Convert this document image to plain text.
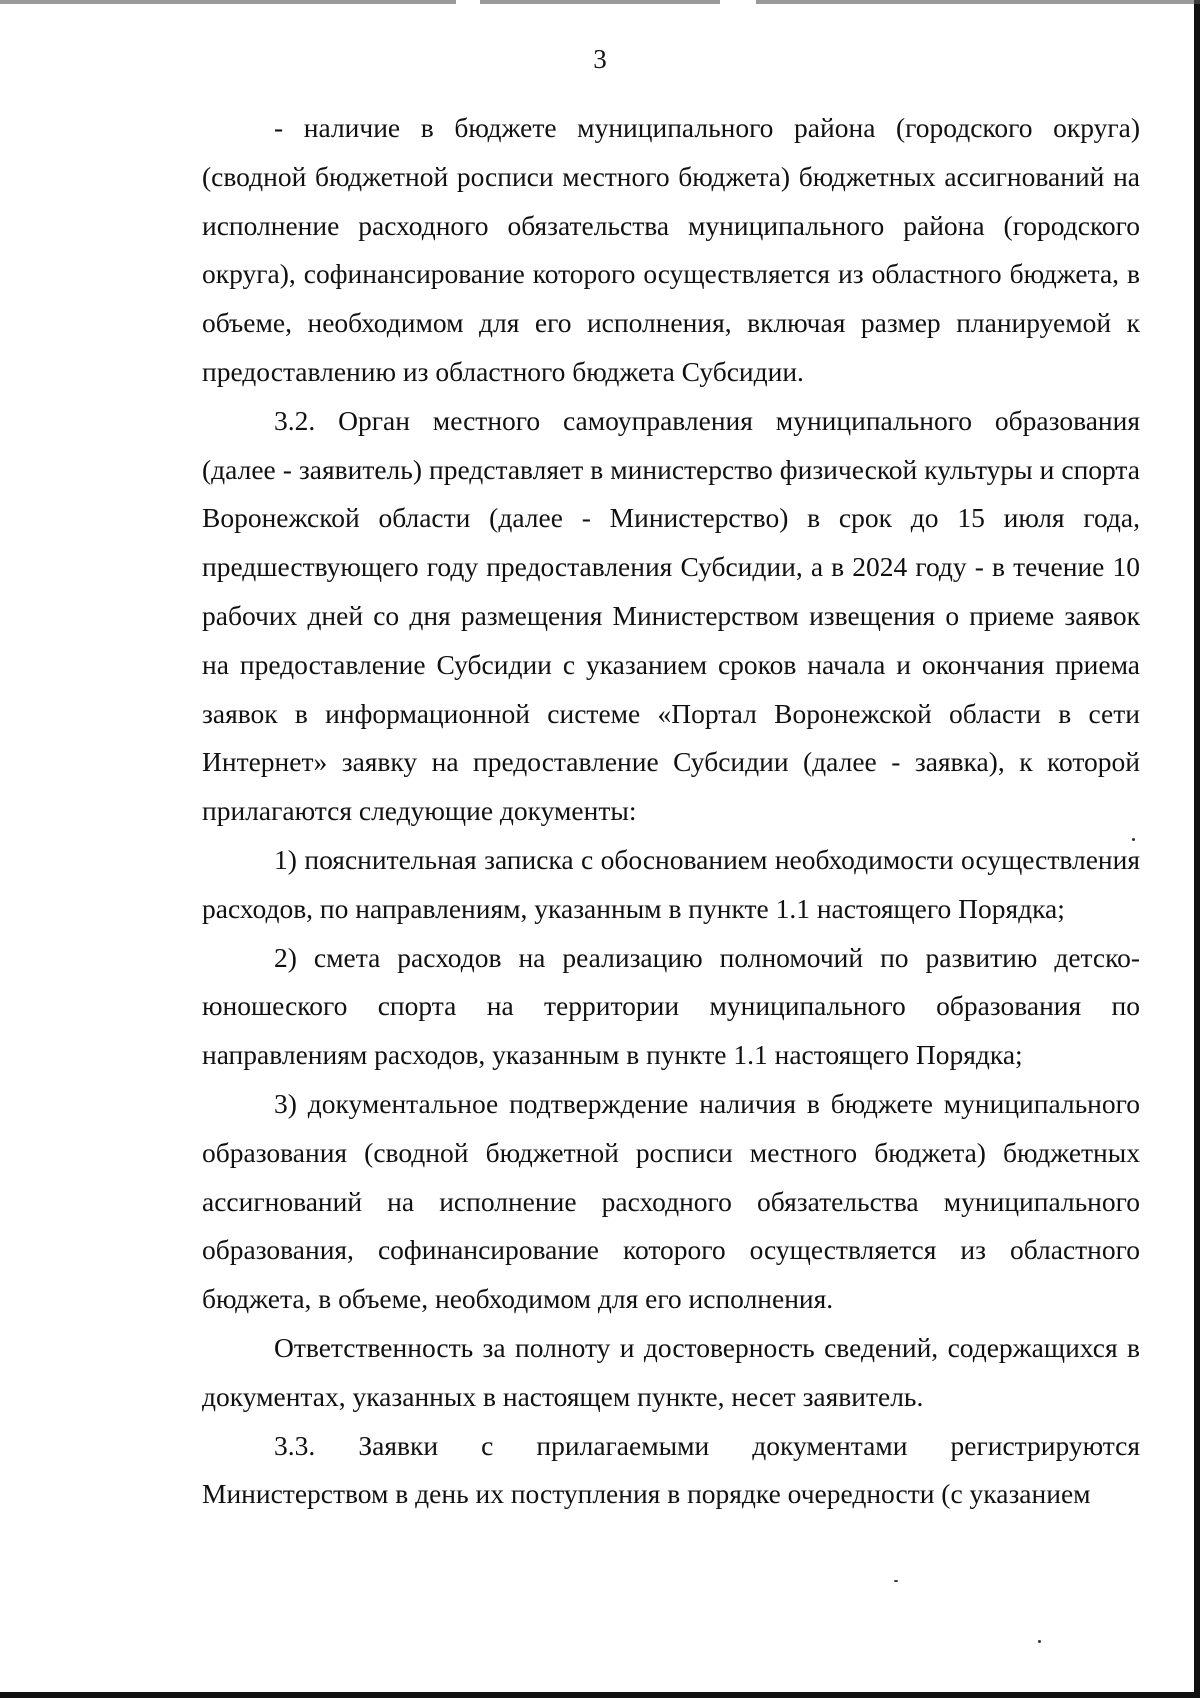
3

- наличие в бюджете муниципального района (городского округа) (сводной бюджетной росписи местного бюджета) бюджетных ассигнований на исполнение расходного обязательства муниципального района (городского округа), софинансирование которого осуществляется из областного бюджета, в объеме, необходимом для его исполнения, включая размер планируемой к предоставлению из областного бюджета Субсидии.

3.2. Орган местного самоуправления муниципального образования (далее - заявитель) представляет в министерство физической культуры и спорта Воронежской области (далее - Министерство) в срок до 15 июля года, предшествующего году предоставления Субсидии, а в 2024 году - в течение 10 рабочих дней со дня размещения Министерством извещения о приеме заявок на предоставление Субсидии с указанием сроков начала и окончания приема заявок в информационной системе «Портал Воронежской области в сети Интернет» заявку на предоставление Субсидии (далее - заявка), к которой прилагаются следующие документы:

1) пояснительная записка с обоснованием необходимости осуществления расходов, по направлениям, указанным в пункте 1.1 настоящего Порядка;

2) смета расходов на реализацию полномочий по развитию детско-юношеского спорта на территории муниципального образования по направлениям расходов, указанным в пункте 1.1 настоящего Порядка;

3) документальное подтверждение наличия в бюджете муниципального образования (сводной бюджетной росписи местного бюджета) бюджетных ассигнований на исполнение расходного обязательства муниципального образования, софинансирование которого осуществляется из областного бюджета, в объеме, необходимом для его исполнения.

Ответственность за полноту и достоверность сведений, содержащихся в документах, указанных в настоящем пункте, несет заявитель.

3.3. Заявки с прилагаемыми документами регистрируются Министерством в день их поступления в порядке очередности (с указанием
